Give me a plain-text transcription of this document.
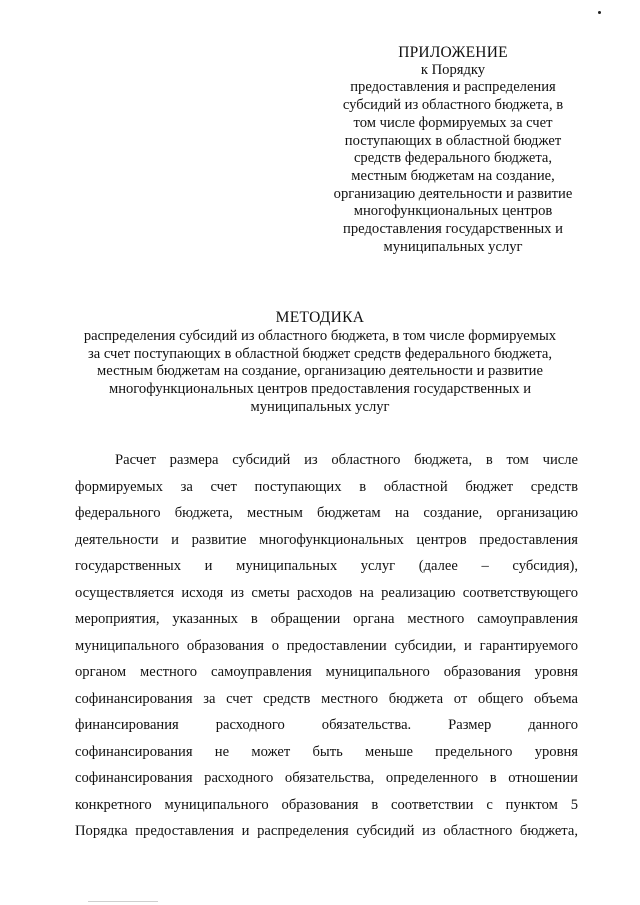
ПРИЛОЖЕНИЕ
к Порядку
предоставления и распределения
субсидий из областного бюджета, в
том числе формируемых за счет
поступающих в областной бюджет
средств федерального бюджета,
местным бюджетам на создание,
организацию деятельности и развитие
многофункциональных центров
предоставления государственных и
муниципальных услуг
МЕТОДИКА
распределения субсидий из областного бюджета, в том числе формируемых
за счет поступающих в областной бюджет средств федерального бюджета,
местным бюджетам на создание, организацию деятельности и развитие
многофункциональных центров предоставления государственных и
муниципальных услуг
Расчет размера субсидий из областного бюджета, в том числе
формируемых за счет поступающих в областной бюджет средств
федерального бюджета, местным бюджетам на создание, организацию
деятельности и развитие многофункциональных центров предоставления
государственных и муниципальных услуг (далее – субсидия),
осуществляется исходя из сметы расходов на реализацию соответствующего
мероприятия, указанных в обращении органа местного самоуправления
муниципального образования о предоставлении субсидии, и гарантируемого
органом местного самоуправления муниципального образования уровня
софинансирования за счет средств местного бюджета от общего объема
финансирования расходного обязательства. Размер данного
софинансирования не может быть меньше предельного уровня
софинансирования расходного обязательства, определенного в отношении
конкретного муниципального образования в соответствии с пунктом 5
Порядка предоставления и распределения субсидий из областного бюджета,
